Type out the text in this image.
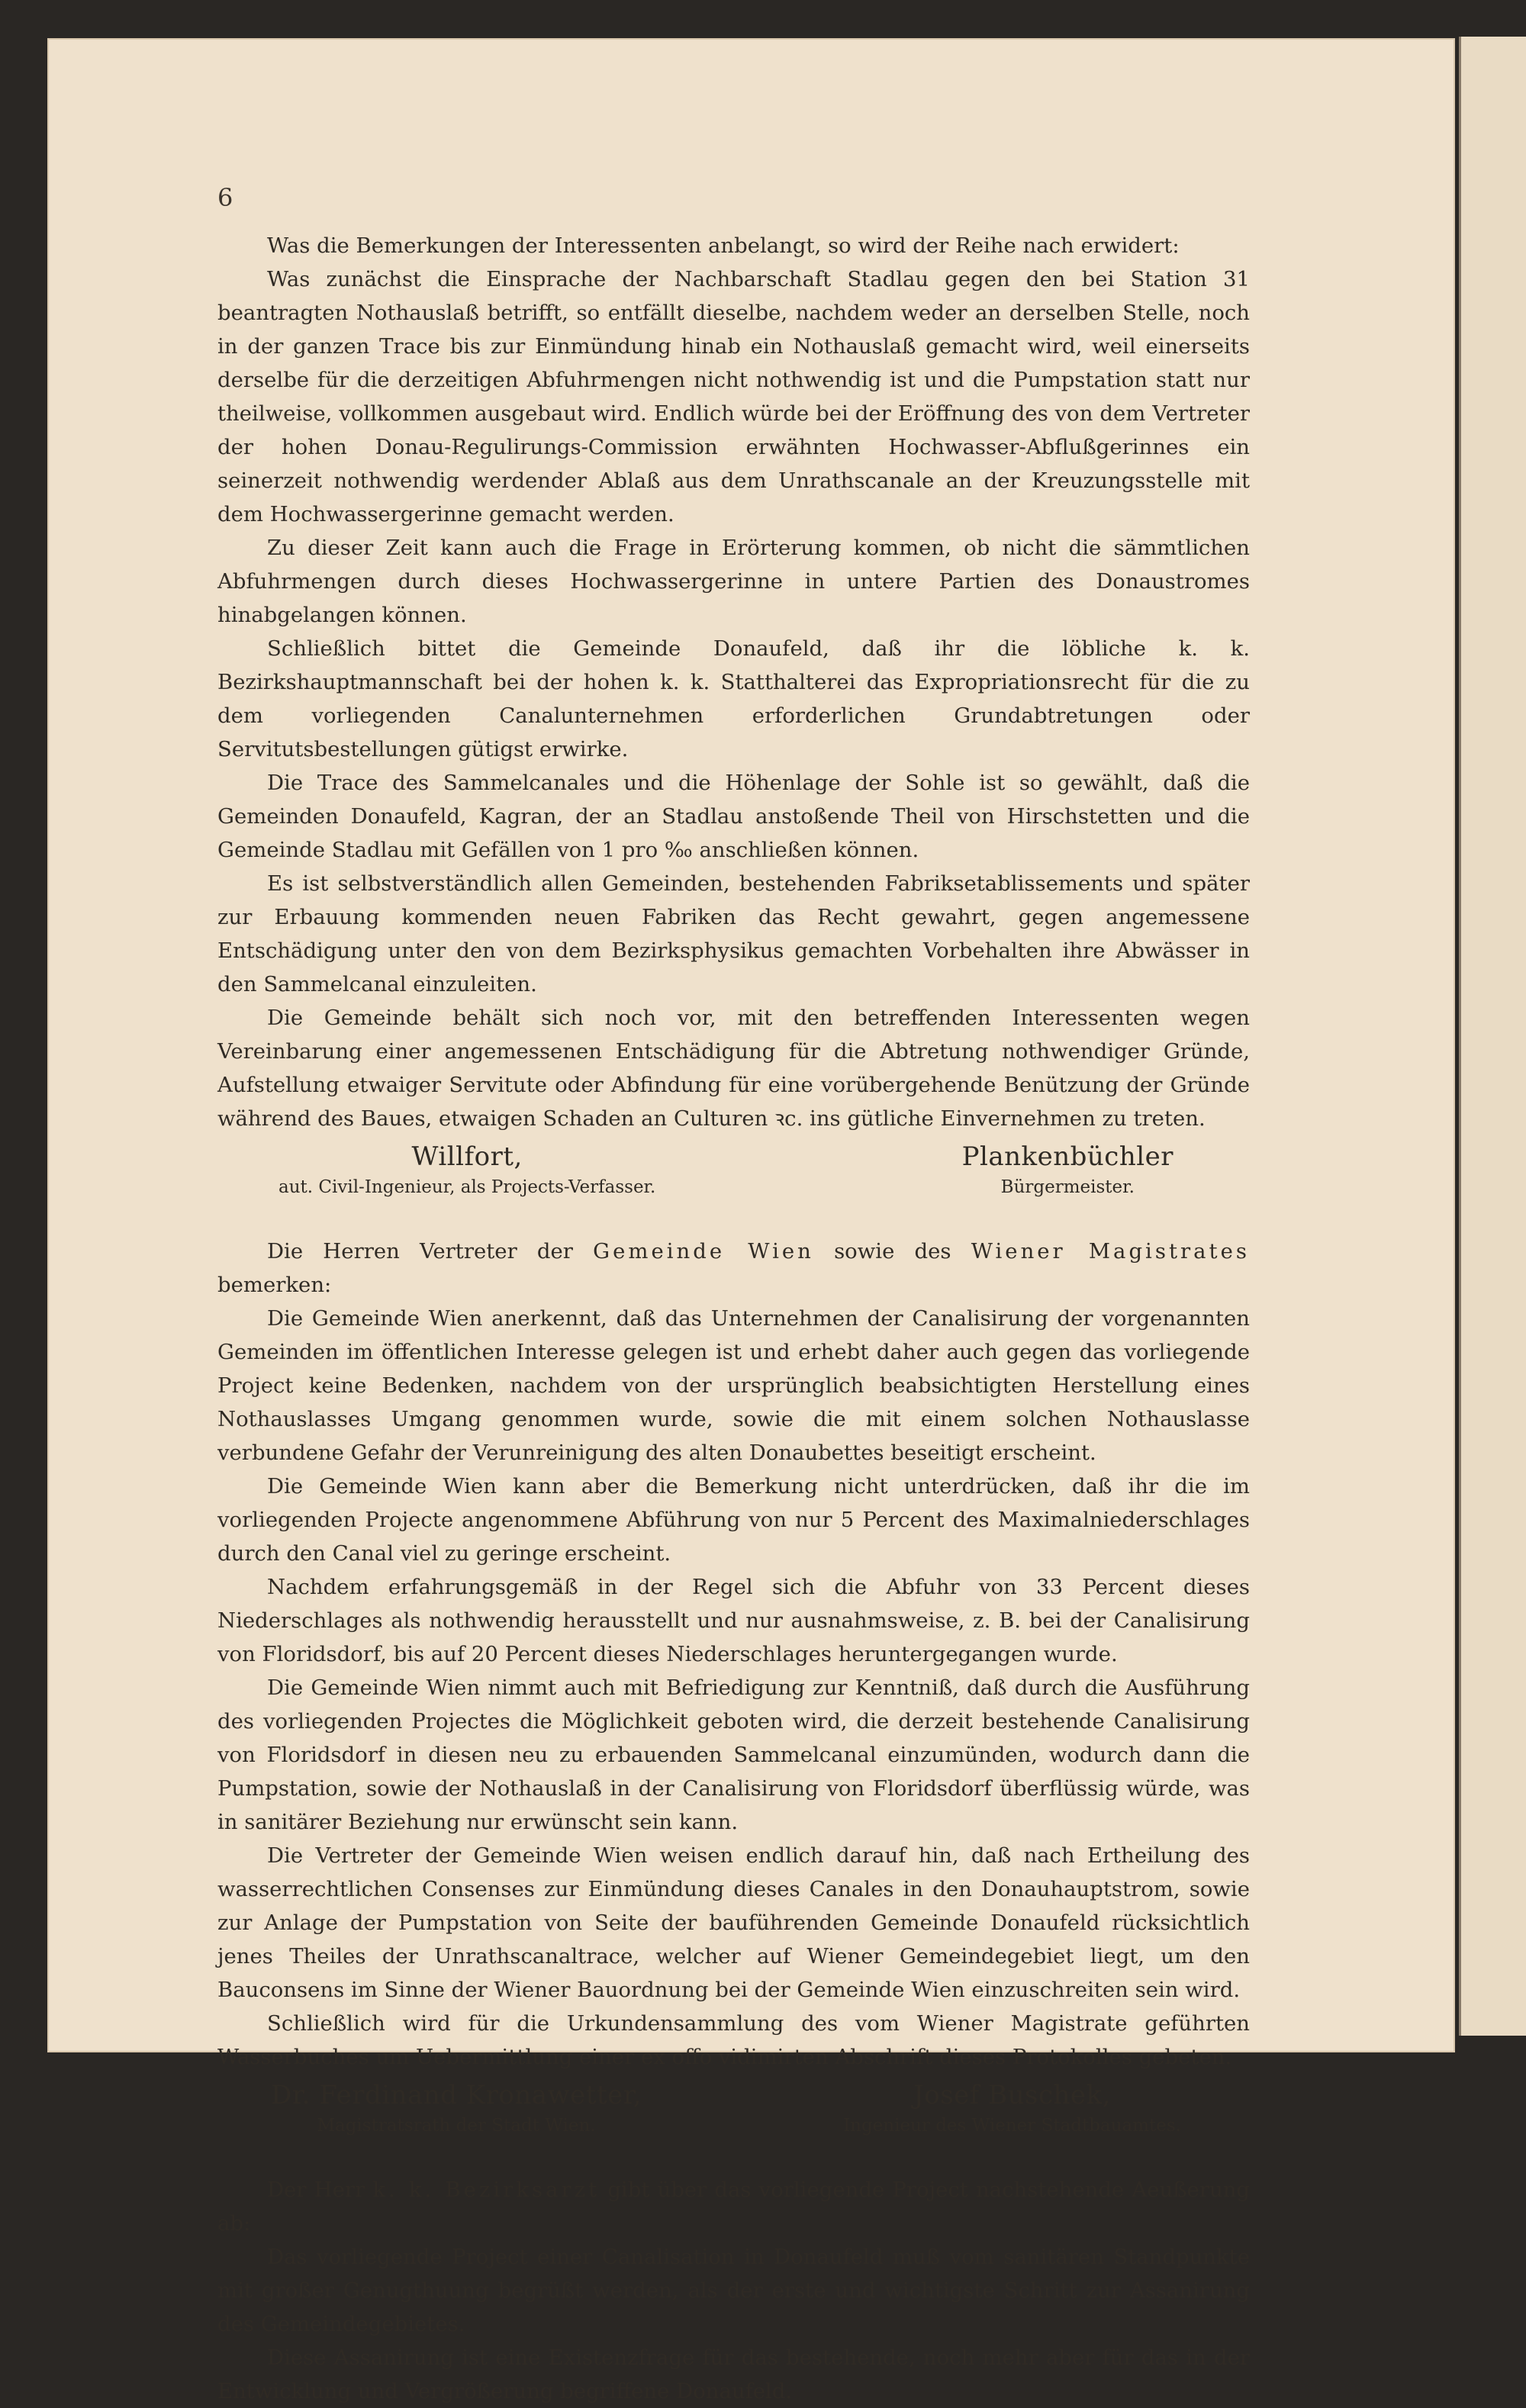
6

Was die Bemerkungen der Interessenten anbelangt, so wird der Reihe nach erwidert:

Was zunächst die Einsprache der Nachbarschaft Stadlau gegen den bei Station 31 beantragten Nothauslaß betrifft, so entfällt dieselbe, nachdem weder an derselben Stelle, noch in der ganzen Trace bis zur Einmündung hinab ein Nothauslaß gemacht wird, weil einerseits derselbe für die derzeitigen Abfuhrmengen nicht nothwendig ist und die Pumpstation statt nur theilweise, vollkommen ausgebaut wird. Endlich würde bei der Eröffnung des von dem Vertreter der hohen Donau-Regulirungs-Commission erwähnten Hochwasser-Abflußgerinnes ein seinerzeit nothwendig werdender Ablaß aus dem Unrathscanale an der Kreuzungsstelle mit dem Hochwassergerinne gemacht werden.

Zu dieser Zeit kann auch die Frage in Erörterung kommen, ob nicht die sämmtlichen Abfuhrmengen durch dieses Hochwassergerinne in untere Partien des Donaustromes hinabgelangen können.

Schließlich bittet die Gemeinde Donaufeld, daß ihr die löbliche k. k. Bezirkshauptmannschaft bei der hohen k. k. Statthalterei das Expropriationsrecht für die zu dem vorliegenden Canalunternehmen erforderlichen Grundabtretungen oder Servitutsbestellungen gütigst erwirke.

Die Trace des Sammelcanales und die Höhenlage der Sohle ist so gewählt, daß die Gemeinden Donaufeld, Kagran, der an Stadlau anstoßende Theil von Hirschstetten und die Gemeinde Stadlau mit Gefällen von 1 pro ‰ anschließen können.

Es ist selbstverständlich allen Gemeinden, bestehenden Fabriksetablissements und später zur Erbauung kommenden neuen Fabriken das Recht gewahrt, gegen angemessene Entschädigung unter den von dem Bezirksphysikus gemachten Vorbehalten ihre Abwässer in den Sammelcanal einzuleiten.

Die Gemeinde behält sich noch vor, mit den betreffenden Interessenten wegen Vereinbarung einer angemessenen Entschädigung für die Abtretung nothwendiger Gründe, Aufstellung etwaiger Servitute oder Abfindung für eine vorübergehende Benützung der Gründe während des Baues, etwaigen Schaden an Culturen ꝛc. ins gütliche Einvernehmen zu treten.

Willfort,
aut. Civil-Ingenieur, als Projects-Verfasser.
Plankenbüchler
Bürgermeister.

Die Herren Vertreter der Gemeinde Wien sowie des Wiener Magistrates bemerken:

Die Gemeinde Wien anerkennt, daß das Unternehmen der Canalisirung der vorgenannten Gemeinden im öffentlichen Interesse gelegen ist und erhebt daher auch gegen das vorliegende Project keine Bedenken, nachdem von der ursprünglich beabsichtigten Herstellung eines Nothauslasses Umgang genommen wurde, sowie die mit einem solchen Nothauslasse verbundene Gefahr der Verunreinigung des alten Donaubettes beseitigt erscheint.

Die Gemeinde Wien kann aber die Bemerkung nicht unterdrücken, daß ihr die im vorliegenden Projecte angenommene Abführung von nur 5 Percent des Maximalniederschlages durch den Canal viel zu geringe erscheint.

Nachdem erfahrungsgemäß in der Regel sich die Abfuhr von 33 Percent dieses Niederschlages als nothwendig herausstellt und nur ausnahmsweise, z. B. bei der Canalisirung von Floridsdorf, bis auf 20 Percent dieses Niederschlages heruntergegangen wurde.

Die Gemeinde Wien nimmt auch mit Befriedigung zur Kenntniß, daß durch die Ausführung des vorliegenden Projectes die Möglichkeit geboten wird, die derzeit bestehende Canalisirung von Floridsdorf in diesen neu zu erbauenden Sammelcanal einzumünden, wodurch dann die Pumpstation, sowie der Nothauslaß in der Canalisirung von Floridsdorf überflüssig würde, was in sanitärer Beziehung nur erwünscht sein kann.

Die Vertreter der Gemeinde Wien weisen endlich darauf hin, daß nach Ertheilung des wasserrechtlichen Consenses zur Einmündung dieses Canales in den Donauhauptstrom, sowie zur Anlage der Pumpstation von Seite der bauführenden Gemeinde Donaufeld rücksichtlich jenes Theiles der Unrathscanaltrace, welcher auf Wiener Gemeindegebiet liegt, um den Bauconsens im Sinne der Wiener Bauordnung bei der Gemeinde Wien einzuschreiten sein wird.

Schließlich wird für die Urkundensammlung des vom Wiener Magistrate geführten Wasserbuches um Uebermittlung einer ex offo vidimirten Abschrift dieses Protokolles gebeten.

Dr. Ferdinand Kronawetter,
Magistratsrath der Stadt Wien.
Josef Buschek,
Ingenieur des Wiener Stadtbauamtes.

Der Herr k. k. Bezirksarzt gibt über das vorliegende Project nachstehende Aeußerung ab:

Das vorliegende Project einer Canalisation in Donaufeld muß vom sanitären Standpunkte mit großer Genugthuung begrüßt werden, als der erste und wichtigste Schritt zur Assanirung des Gemeindegebietes.

Diese Assanirung ist eine Existenzfrage für das bestehende, noch mehr aber für das in der Entwicklung und Vergrößerung begriffene Donaufeld.
